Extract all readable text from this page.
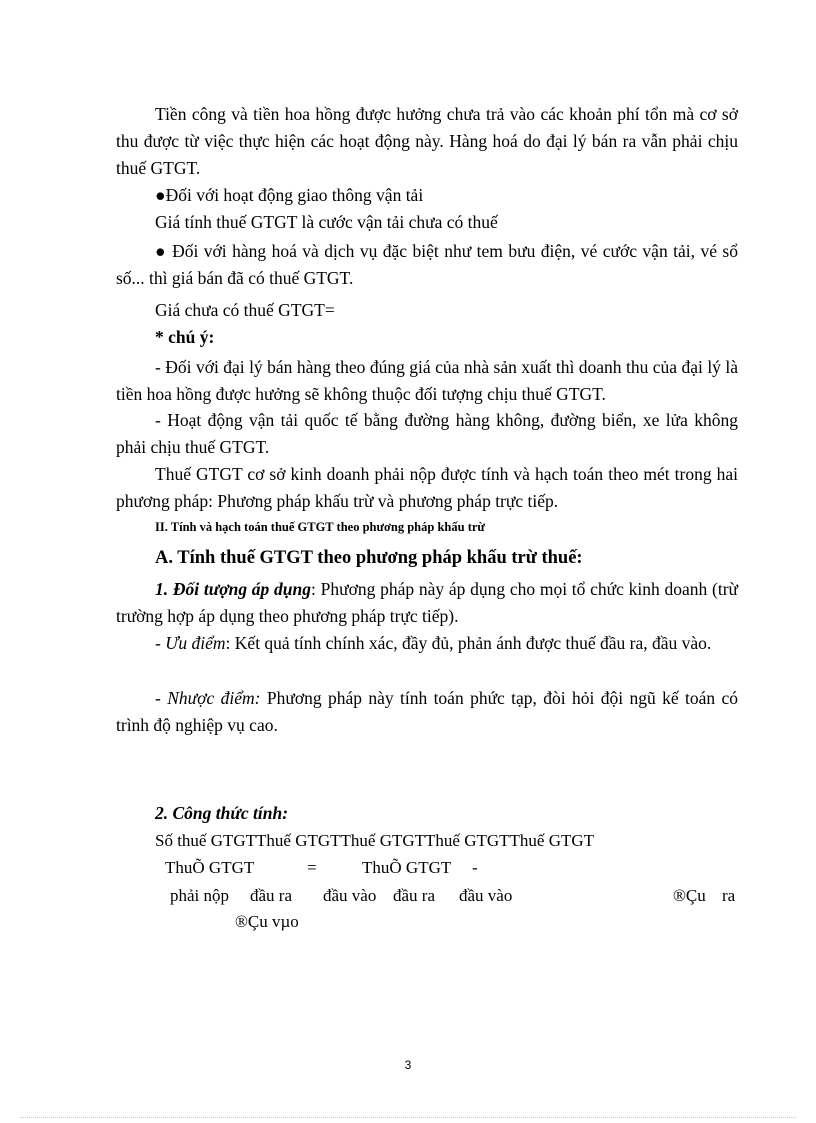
Tiền công và tiền hoa hồng được hưởng chưa trả vào các khoản phí tổn mà cơ sở thu được từ việc thực hiện các hoạt động này. Hàng hoá do đại lý bán ra vẫn phải chịu thuế GTGT.

●Đối với hoạt động giao thông vận tải

Giá tính thuế GTGT là cước vận tải chưa có thuế

● Đối với hàng hoá và dịch vụ đặc biệt như tem bưu điện, vé cước vận tải, vé sổ số... thì giá bán đã có thuế GTGT.

Giá chưa có thuế GTGT=

* chú ý:

- Đối với đại lý bán hàng theo đúng giá của nhà sản xuất thì doanh thu của đại lý là tiền hoa hồng được hưởng sẽ không thuộc đối tượng chịu thuế GTGT.

- Hoạt động vận tải quốc tế bằng đường hàng không, đường biển, xe lửa không phải chịu thuế GTGT.

Thuế GTGT cơ sở kinh doanh phải nộp được tính và hạch toán theo mét trong hai phương pháp: Phương pháp khấu trừ và phương pháp trực tiếp.

II. Tính và hạch toán thuế GTGT theo phương pháp khấu trừ

A. Tính thuế GTGT theo phương pháp khấu trừ thuế:

1. Đối tượng áp dụng: Phương pháp này áp dụng cho mọi tổ chức kinh doanh (trừ trường hợp áp dụng theo phương pháp trực tiếp).

- Ưu điểm: Kết quả tính chính xác, đầy đủ, phản ánh được thuế đầu ra, đầu vào.

- Nhược điểm: Phương pháp này tính toán phức tạp, đòi hỏi đội ngũ kế toán có trình độ nghiệp vụ cao.

2. Công thức tính:

Số thuế GTGTThuế GTGTThuế GTGTThuế GTGTThuế GTGT
ThuÕ GTGT	=	ThuÕ GTGT -
phải nộp đầu ra đầu vào đầu ra đầu vào	®Çu ra
®Çu vµo
3
